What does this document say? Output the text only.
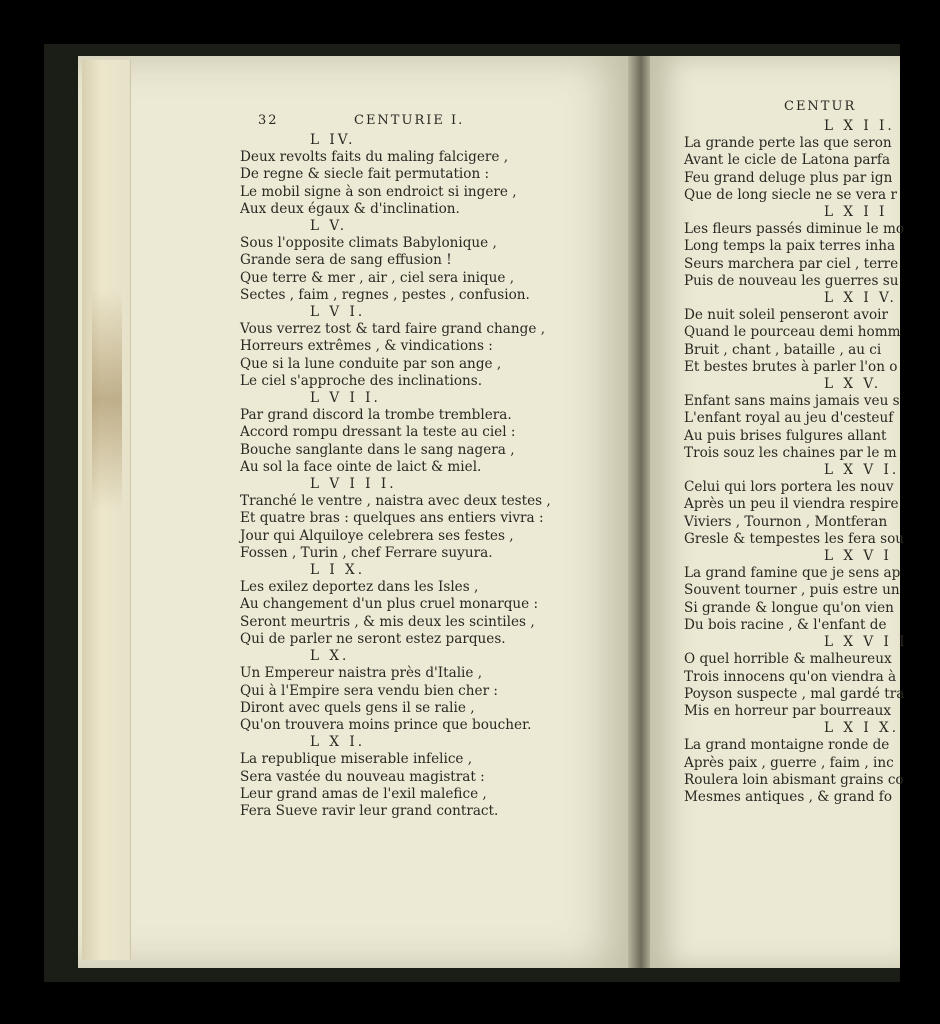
32	CENTURIE I.
L IV.
Deux revolts faits du maling falcigere ,
De regne & siecle fait permutation :
Le mobil signe à son endroict si ingere ,
Aux deux égaux & d'inclination.
L V.
Sous l'opposite climats Babylonique ,
Grande sera de sang effusion !
Que terre & mer , air , ciel sera inique ,
Sectes , faim , regnes , pestes , confusion.
L V I.
Vous verrez tost & tard faire grand change ,
Horreurs extrêmes , & vindications :
Que si la lune conduite par son ange ,
Le ciel s'approche des inclinations.
L V I I.
Par grand discord la trombe tremblera.
Accord rompu dressant la teste au ciel :
Bouche sanglante dans le sang nagera ,
Au sol la face ointe de laict & miel.
L V I I I.
Tranché le ventre , naistra avec deux testes ,
Et quatre bras : quelques ans entiers vivra :
Jour qui Alquiloye celebrera ses festes ,
Fossen , Turin , chef Ferrare suyura.
L I X.
Les exilez deportez dans les Isles ,
Au changement d'un plus cruel monarque :
Seront meurtris , & mis deux les scintiles ,
Qui de parler ne seront estez parques.
L X.
Un Empereur naistra près d'Italie ,
Qui à l'Empire sera vendu bien cher :
Diront avec quels gens il se ralie ,
Qu'on trouvera moins prince que boucher.
L X I.
La republique miserable infelice ,
Sera vastée du nouveau magistrat :
Leur grand amas de l'exil malefice ,
Fera Sueve ravir leur grand contract.
CENTUR
L X I I.
La grande perte las que seron
Avant le cicle de Latona parfa
Feu grand deluge plus par ign
Que de long siecle ne se vera r
L X I I
Les fleurs passés diminue le mo
Long temps la paix terres inha
Seurs marchera par ciel , terre
Puis de nouveau les guerres su
L X I V.
De nuit soleil penseront avoir
Quand le pourceau demi homm
Bruit , chant , bataille , au ci
Et bestes brutes à parler l'on o
L X V.
Enfant sans mains jamais veu s
L'enfant royal au jeu d'cesteuf
Au puis brises fulgures allant
Trois souz les chaines par le m
L X V I.
Celui qui lors portera les nouv
Après un peu il viendra respire
Viviers , Tournon , Montferan
Gresle & tempestes les fera sou
L X V I
La grand famine que je sens ap
Souvent tourner , puis estre un
Si grande & longue qu'on vien
Du bois racine , & l'enfant de
L X V I I
O quel horrible & malheureux
Trois innocens qu'on viendra à
Poyson suspecte , mal gardé tra
Mis en horreur par bourreaux
L X I X.
La grand montaigne ronde de
Après paix , guerre , faim , inc
Roulera loin abismant grains co
Mesmes antiques , & grand fo
